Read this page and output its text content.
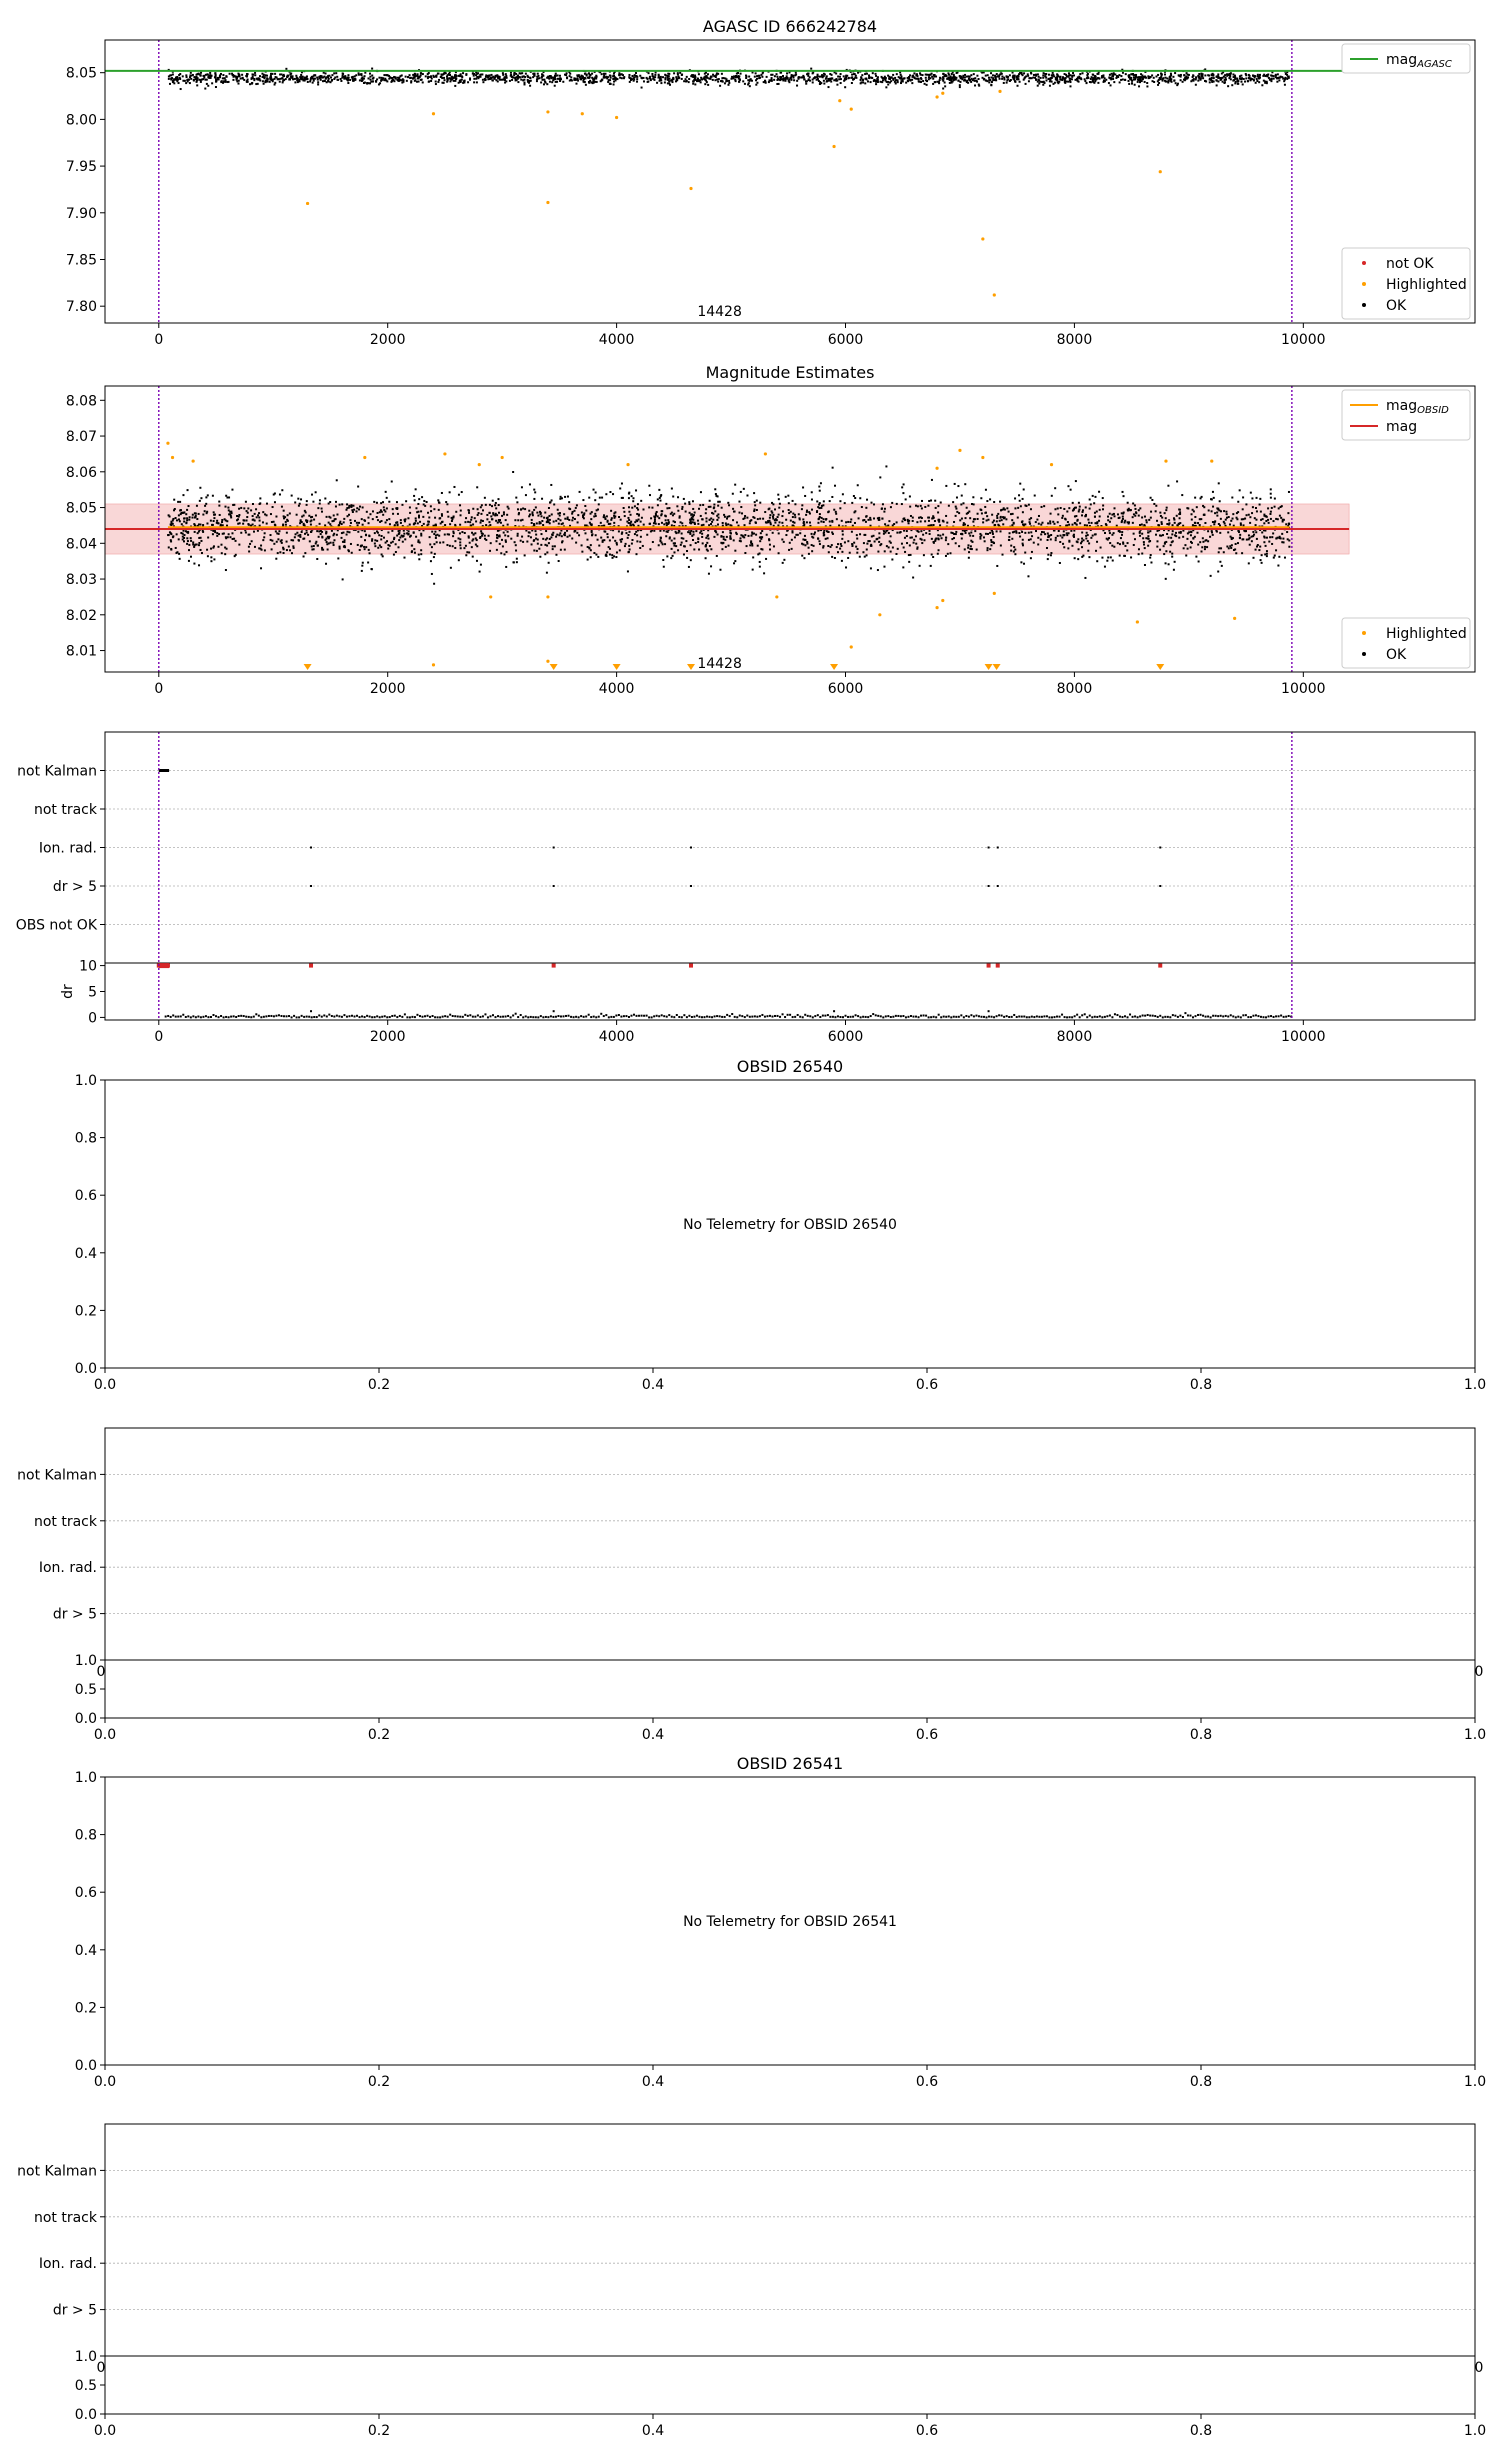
AGASC ID 666242784
14428
0	2000	4000	6000	8000	10000
7.80
7.85
7.90
7.95
8.00
8.05
mag$_{AGASC}$
not OK
Highlighted
OK
Magnitude Estimates
14428
0	2000	4000	6000	8000	10000
8.01
8.02
8.03
8.04
8.05
8.06
8.07
8.08	mag$_{OBSID}$
mag
Highlighted
OK
not Kalman
not track
Ion. rad.
dr > 5
OBS not OK
0
5
10
dr
0	2000	4000	6000	8000	10000
OBSID 26540
0.0	0.2	0.4	0.6	0.8	1.0
0.0
0.2
0.4
0.6
0.8
1.0
No Telemetry for OBSID 26540
OBSID 26541
0.0	0.2	0.4	0.6	0.8	1.0
0.0
0.2
0.4
0.6
0.8
1.0
No Telemetry for OBSID 26541
not Kalman
not track
Ion. rad.
dr > 5
0	0
0.0
0.5
1.0
0.0	0.2	0.4	0.6	0.8	1.0
not Kalman
not track
Ion. rad.
dr > 5
0	0
0.0
0.5
1.0
0.0	0.2	0.4	0.6	0.8	1.0
